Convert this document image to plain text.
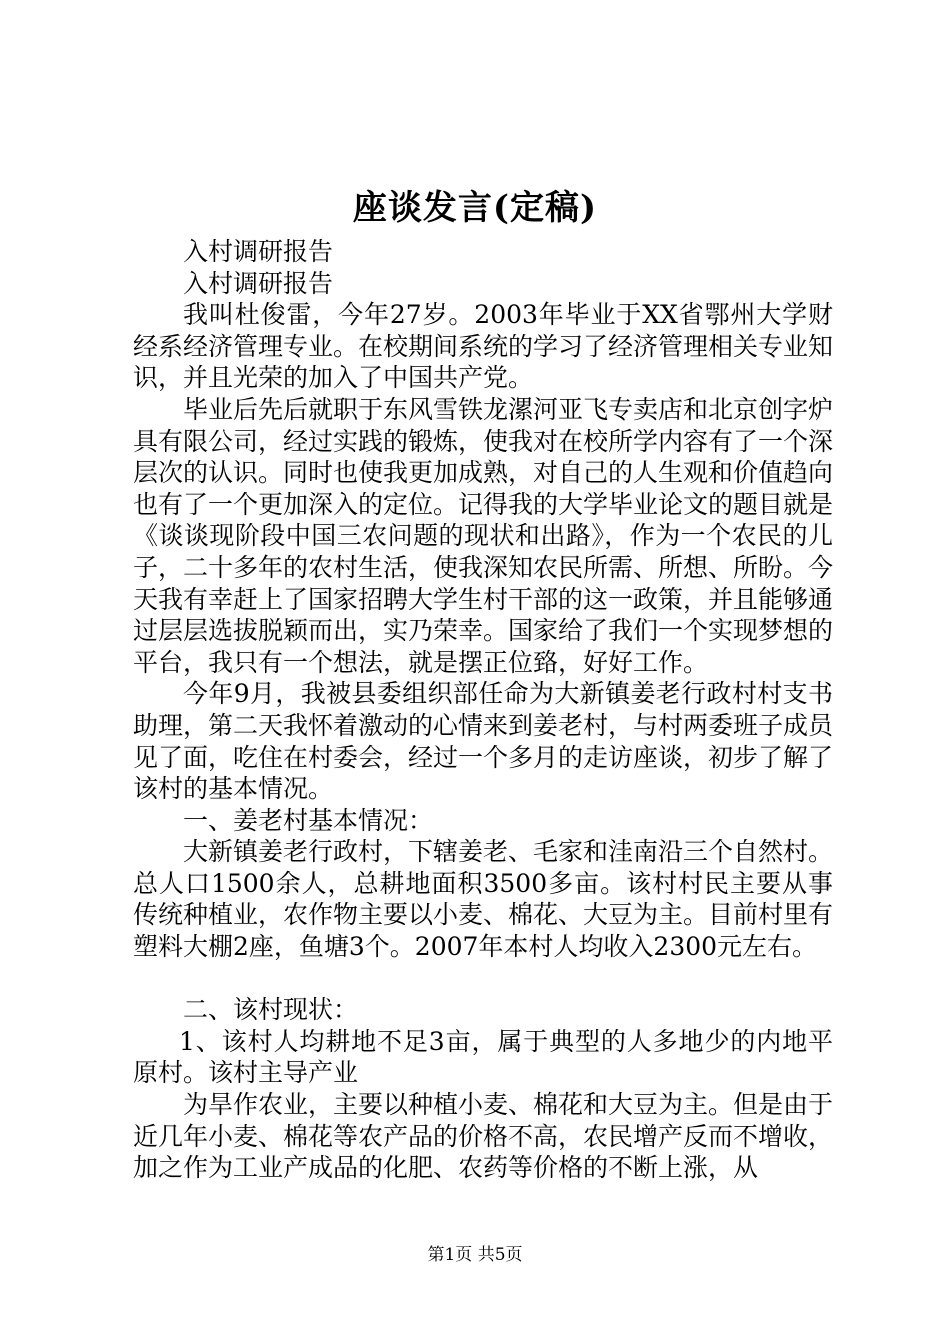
座谈发言(定稿)

入村调研报告

入村调研报告

我叫杜俊雷，今年27岁。2003年毕业于XX省鄂州大学财经系经济管理专业。在校期间系统的学习了经济管理相关专业知识，并且光荣的加入了中国共产党。

毕业后先后就职于东风雪铁龙漯河亚飞专卖店和北京创字炉具有限公司，经过实践的锻炼，使我对在校所学内容有了一个深层次的认识。同时也使我更加成熟，对自己的人生观和价值趋向也有了一个更加深入的定位。记得我的大学毕业论文的题目就是《谈谈现阶段中国三农问题的现状和出路》，作为一个农民的儿子，二十多年的农村生活，使我深知农民所需、所想、所盼。今天我有幸赶上了国家招聘大学生村干部的这一政策，并且能够通过层层选拔脱颖而出，实乃荣幸。国家给了我们一个实现梦想的平台，我只有一个想法，就是摆正位臵，好好工作。

今年9月，我被县委组织部任命为大新镇姜老行政村村支书助理，第二天我怀着激动的心情来到姜老村，与村两委班子成员见了面，吃住在村委会，经过一个多月的走访座谈，初步了解了该村的基本情况。

一、姜老村基本情况：

大新镇姜老行政村，下辖姜老、毛家和洼南沿三个自然村。总人口1500余人，总耕地面积3500多亩。该村村民主要从事传统种植业，农作物主要以小麦、棉花、大豆为主。目前村里有塑料大棚2座，鱼塘3个。2007年本村人均收入2300元左右。

二、该村现状：

1、该村人均耕地不足3亩，属于典型的人多地少的内地平原村。该村主导产业

为旱作农业，主要以种植小麦、棉花和大豆为主。但是由于近几年小麦、棉花等农产品的价格不高，农民增产反而不增收，加之作为工业产成品的化肥、农药等价格的不断上涨，从

第1页 共5页
